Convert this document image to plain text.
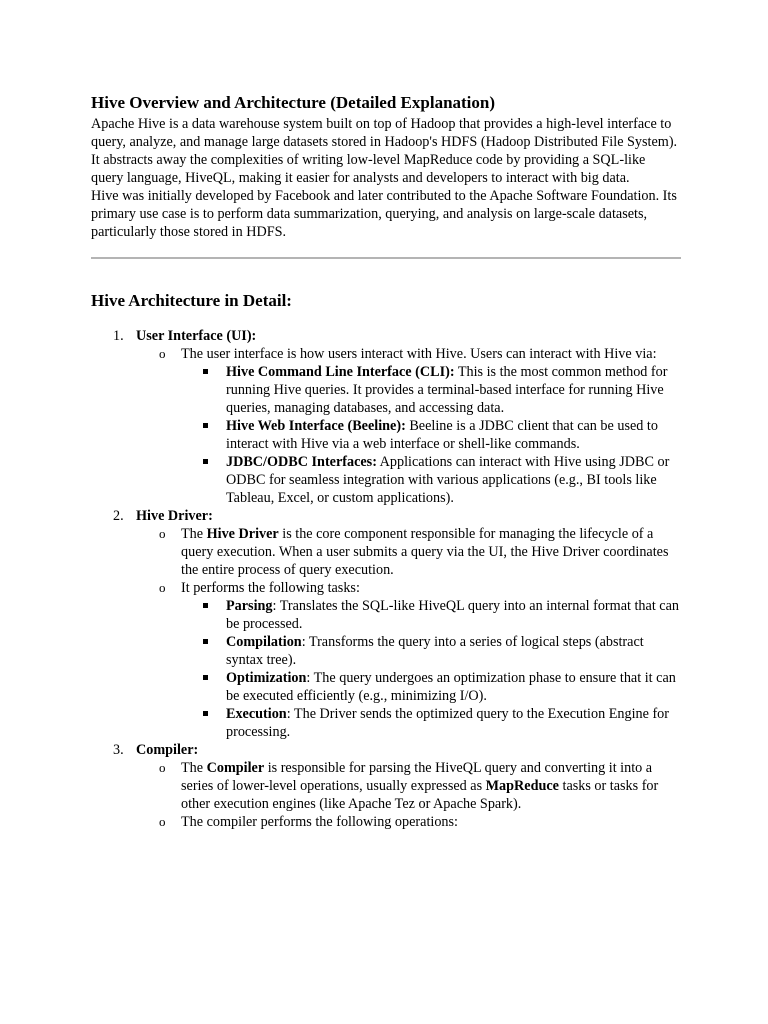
Hive Overview and Architecture (Detailed Explanation)

Apache Hive is a data warehouse system built on top of Hadoop that provides a high-level interface to query, analyze, and manage large datasets stored in Hadoop's HDFS (Hadoop Distributed File System). It abstracts away the complexities of writing low-level MapReduce code by providing a SQL-like query language, HiveQL, making it easier for analysts and developers to interact with big data.

Hive was initially developed by Facebook and later contributed to the Apache Software Foundation. Its primary use case is to perform data summarization, querying, and analysis on large-scale datasets, particularly those stored in HDFS.

Hive Architecture in Detail:
1. User Interface (UI):
o The user interface is how users interact with Hive. Users can interact with Hive via:
Hive Command Line Interface (CLI): This is the most common method for running Hive queries. It provides a terminal-based interface for running Hive queries, managing databases, and accessing data.
Hive Web Interface (Beeline): Beeline is a JDBC client that can be used to interact with Hive via a web interface or shell-like commands.
JDBC/ODBC Interfaces: Applications can interact with Hive using JDBC or ODBC for seamless integration with various applications (e.g., BI tools like Tableau, Excel, or custom applications).
2. Hive Driver:
o The Hive Driver is the core component responsible for managing the lifecycle of a query execution. When a user submits a query via the UI, the Hive Driver coordinates the entire process of query execution.
o It performs the following tasks:
Parsing: Translates the SQL-like HiveQL query into an internal format that can be processed.
Compilation: Transforms the query into a series of logical steps (abstract syntax tree).
Optimization: The query undergoes an optimization phase to ensure that it can be executed efficiently (e.g., minimizing I/O).
Execution: The Driver sends the optimized query to the Execution Engine for processing.
3. Compiler:
o The Compiler is responsible for parsing the HiveQL query and converting it into a series of lower-level operations, usually expressed as MapReduce tasks or tasks for other execution engines (like Apache Tez or Apache Spark).
o The compiler performs the following operations:
